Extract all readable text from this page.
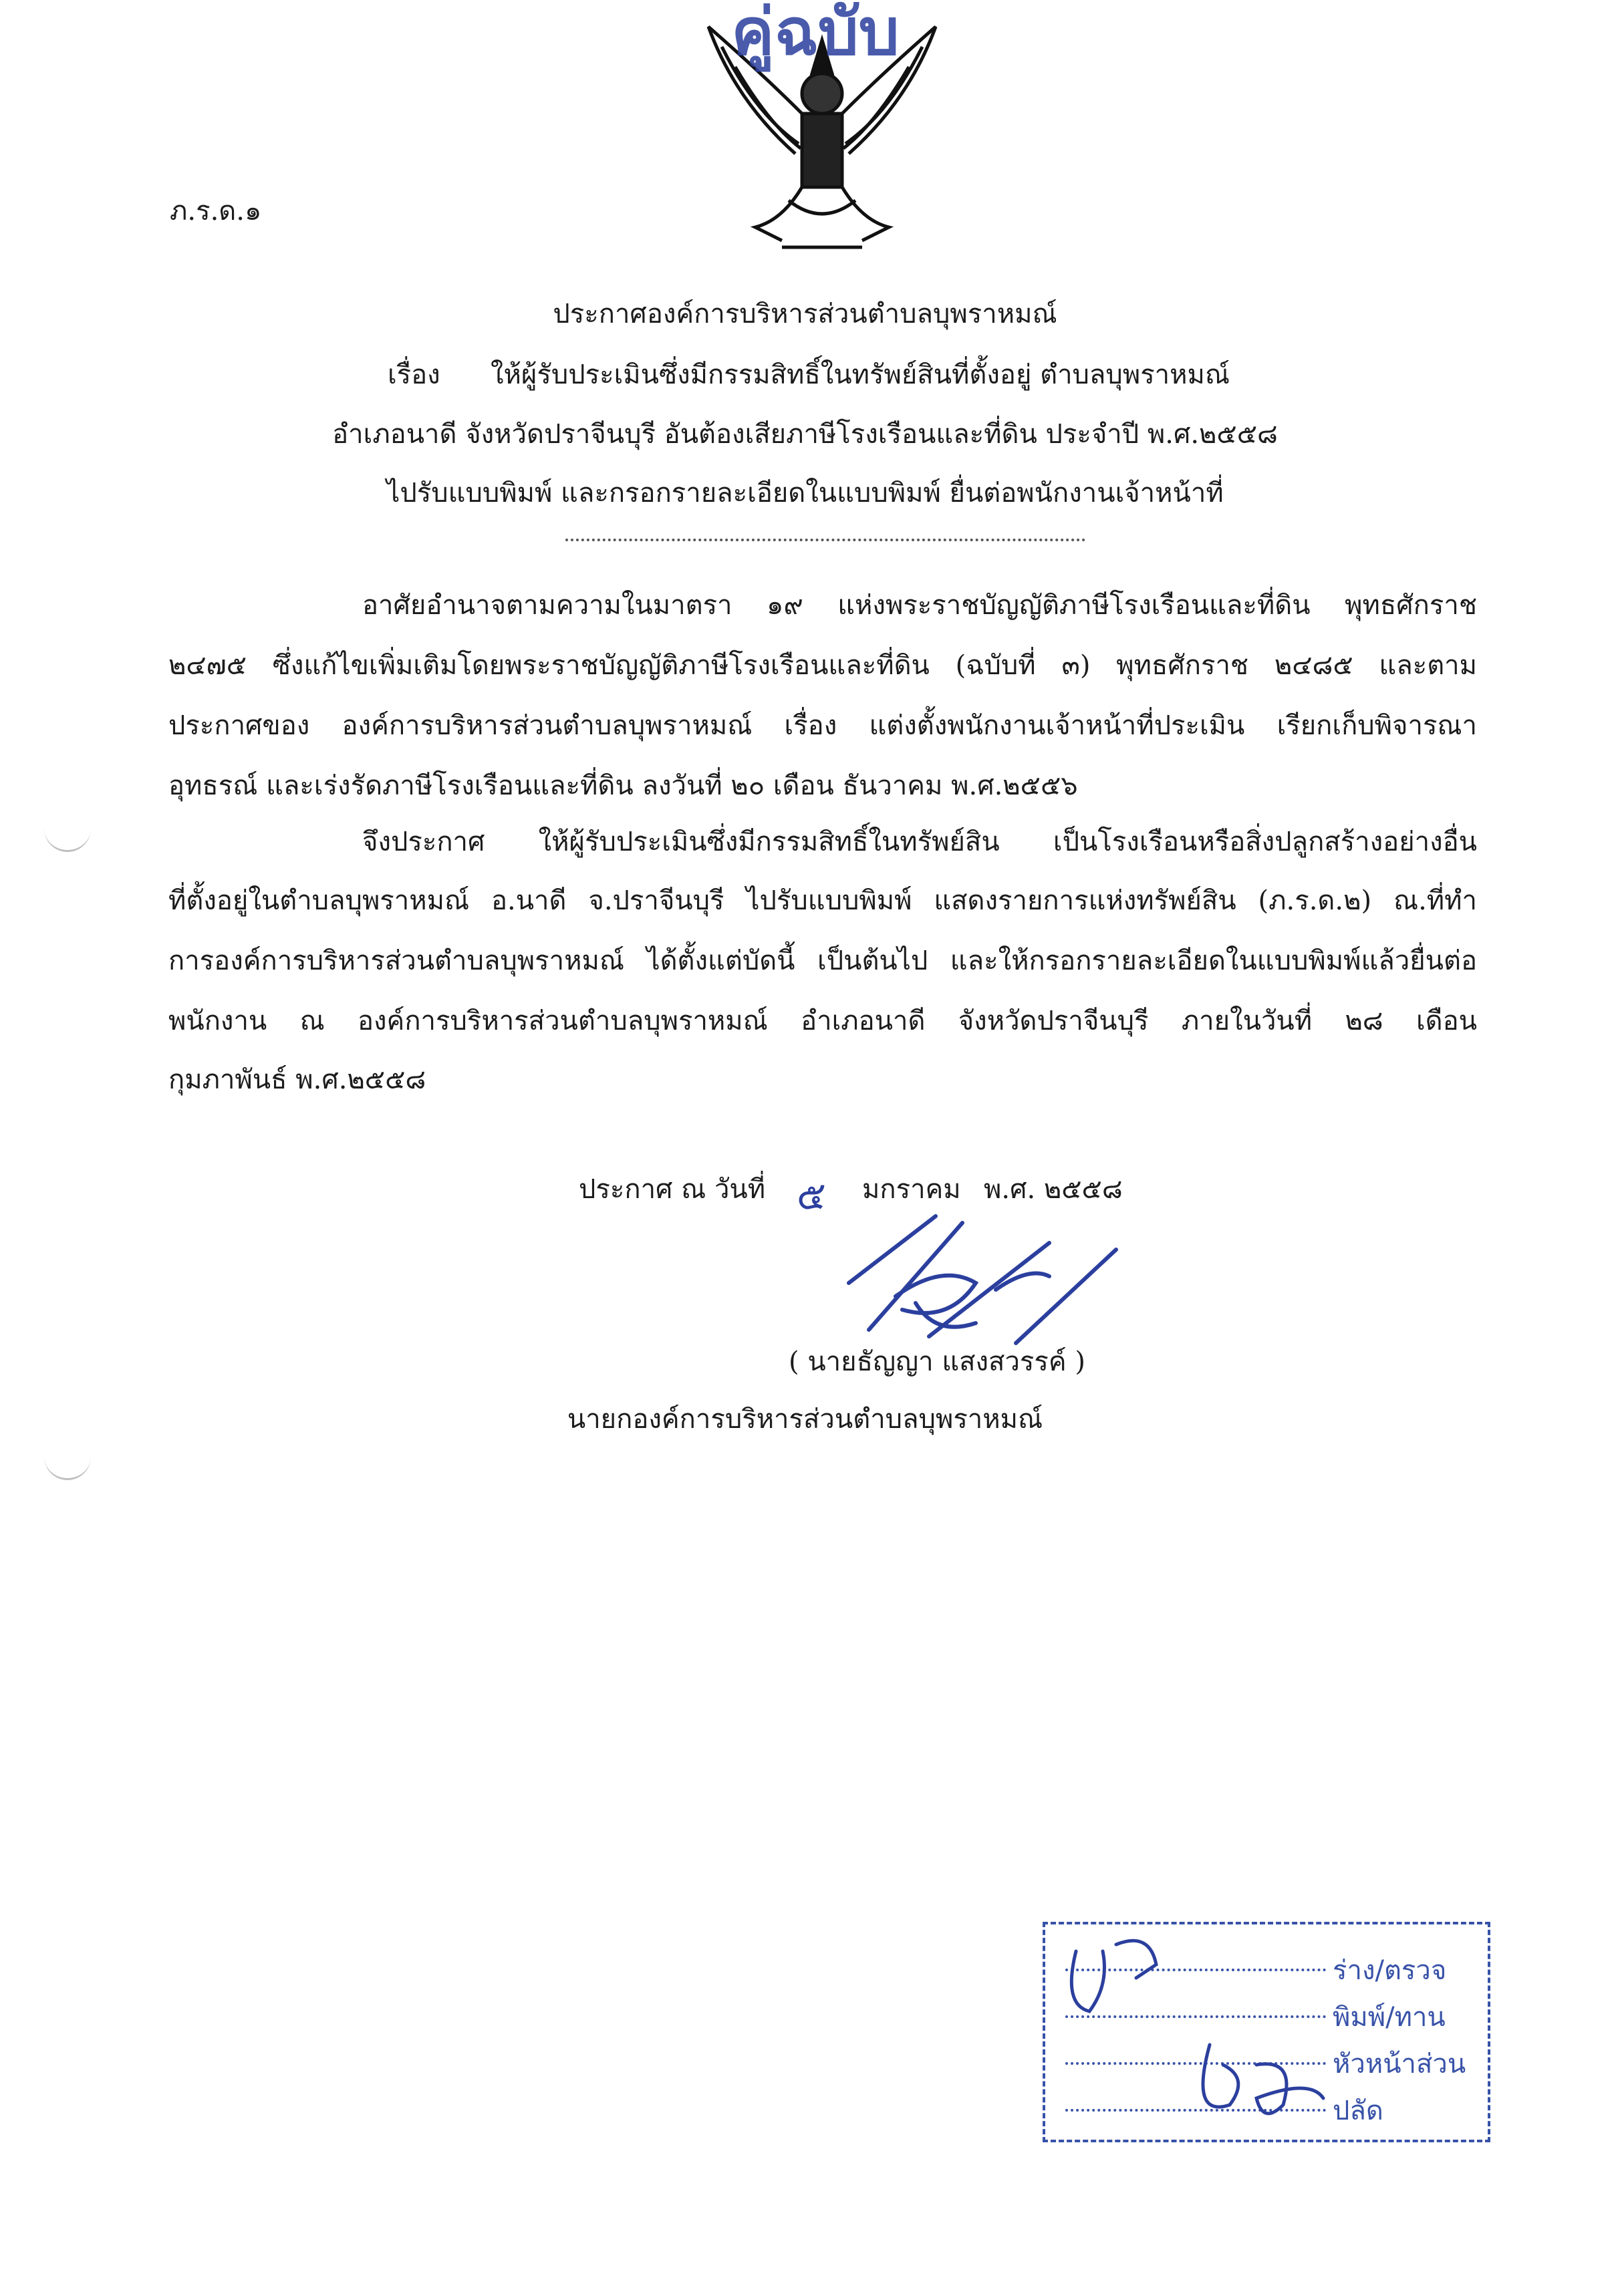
คู่ฉบับ
ภ.ร.ด.๑
ประกาศองค์การบริหารส่วนตำบลบุพราหมณ์
เรื่อง ให้ผู้รับประเมินซึ่งมีกรรมสิทธิ์ในทรัพย์สินที่ตั้งอยู่ ตำบลบุพราหมณ์
อำเภอนาดี จังหวัดปราจีนบุรี อันต้องเสียภาษีโรงเรือนและที่ดิน ประจำปี พ.ศ.๒๕๕๘
ไปรับแบบพิมพ์ และกรอกรายละเอียดในแบบพิมพ์ ยื่นต่อพนักงานเจ้าหน้าที่
อาศัยอำนาจตามความในมาตรา ๑๙ แห่งพระราชบัญญัติภาษีโรงเรือนและที่ดิน พุทธศักราช
๒๔๗๕ ซึ่งแก้ไขเพิ่มเติมโดยพระราชบัญญัติภาษีโรงเรือนและที่ดิน (ฉบับที่ ๓) พุทธศักราช ๒๔๘๕ และตาม
ประกาศของ องค์การบริหารส่วนตำบลบุพราหมณ์ เรื่อง แต่งตั้งพนักงานเจ้าหน้าที่ประเมิน เรียกเก็บพิจารณา
อุทธรณ์ และเร่งรัดภาษีโรงเรือนและที่ดิน ลงวันที่ ๒๐ เดือน ธันวาคม พ.ศ.๒๕๕๖
จึงประกาศ ให้ผู้รับประเมินซึ่งมีกรรมสิทธิ์ในทรัพย์สิน เป็นโรงเรือนหรือสิ่งปลูกสร้างอย่างอื่น
ที่ตั้งอยู่ในตำบลบุพราหมณ์ อ.นาดี จ.ปราจีนบุรี ไปรับแบบพิมพ์ แสดงรายการแห่งทรัพย์สิน (ภ.ร.ด.๒) ณ.ที่ทำ
การองค์การบริหารส่วนตำบลบุพราหมณ์ ได้ตั้งแต่บัดนี้ เป็นต้นไป และให้กรอกรายละเอียดในแบบพิมพ์แล้วยื่นต่อ
พนักงาน ณ องค์การบริหารส่วนตำบลบุพราหมณ์ อำเภอนาดี จังหวัดปราจีนบุรี ภายในวันที่ ๒๘ เดือน
กุมภาพันธ์ พ.ศ.๒๕๕๘
ประกาศ ณ วันที่ ๕ มกราคม พ.ศ. ๒๕๕๘
( นายธัญญา แสงสวรรค์ )
นายกองค์การบริหารส่วนตำบลบุพราหมณ์
ร่าง/ตรวจ
พิมพ์/ทาน
หัวหน้าส่วน
ปลัด
